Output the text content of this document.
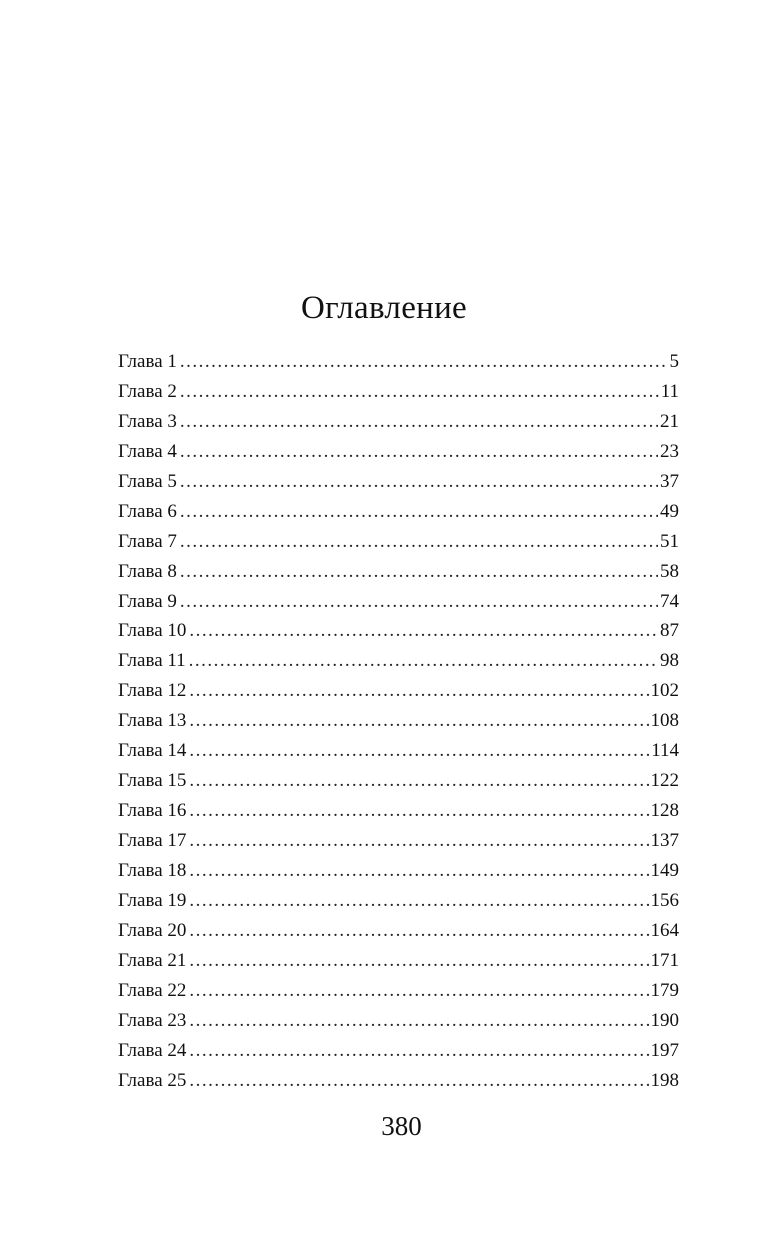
Оглавление
Глава 1 .....	5
Глава 2 .....	11
Глава 3 .....	21
Глава 4 .....	23
Глава 5 .....	37
Глава 6 .....	49
Глава 7 .....	51
Глава 8 .....	58
Глава 9 .....	74
Глава 10 .....	87
Глава 11 .....	98
Глава 12 .....	102
Глава 13 .....	108
Глава 14 .....	114
Глава 15 .....	122
Глава 16 .....	128
Глава 17 .....	137
Глава 18 .....	149
Глава 19 .....	156
Глава 20 .....	164
Глава 21 .....	171
Глава 22 .....	179
Глава 23 .....	190
Глава 24 .....	197
Глава 25 .....	198
380
